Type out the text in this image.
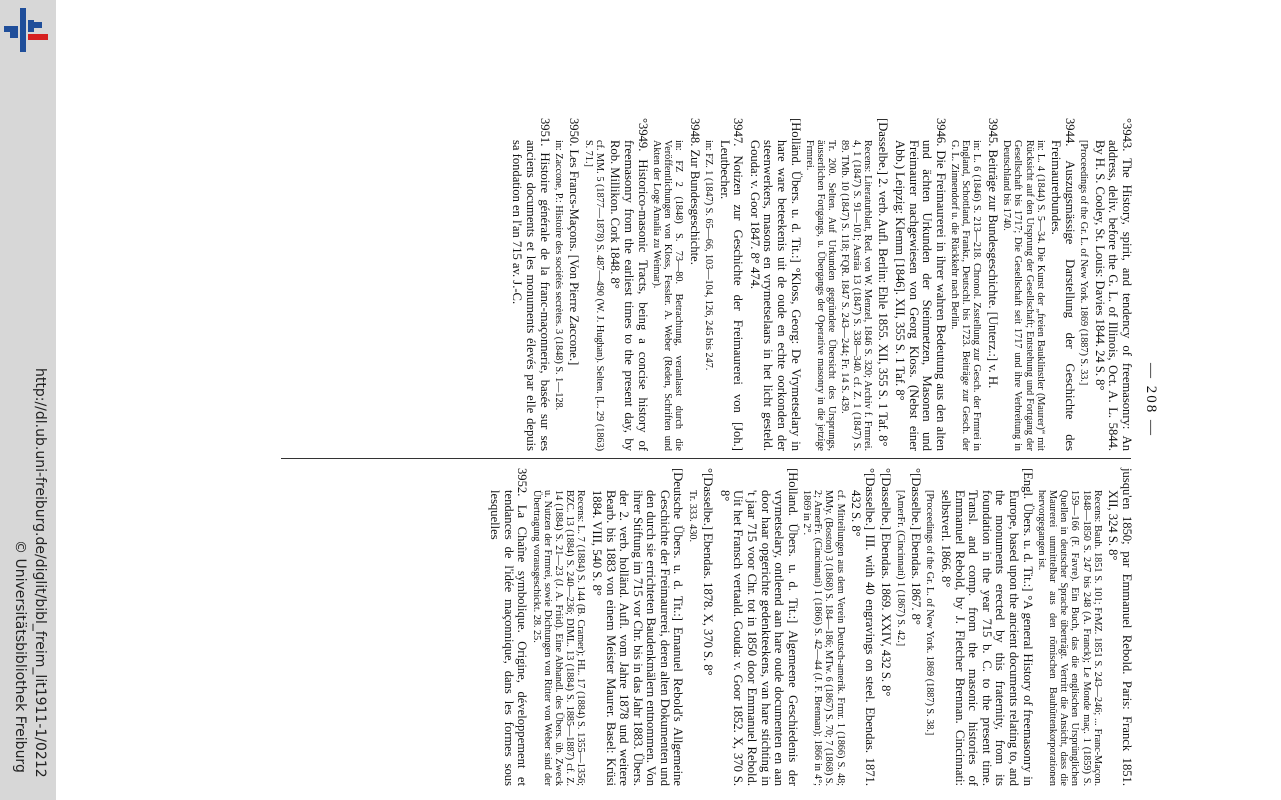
http://dl.ub.uni-freiburg.de/diglit/bibl_freim_lit1911-1/0212
© Universitätsbibliothek Freiburg
— 208 —
°3943. The History, spirit, and tendency of freemasonry: An address, deliv. before the G. L. of Illinois, Oct. A. L. 5844. By H. S. Cooley, St. Louis: Davies 1844. 24 S. 8°
[Proceedings of the Gr. L. of New York. 1869 (1887) S. 33.]
3944. Auszugsmässige Darstellung der Geschichte des Freimaurerbundes.
in: L. 4 (1844) S. 5—34. Die Kunst der „freien Bauklinstler (Maurer)“ mit Rücksicht auf den Ursprung der Gesellschaft; Entstehung und Fortgang der Gesellschaft bis 1717; Die Gesellschaft seit 1717 und ihre Verbreitung in Deutschland bis 1740.
3945. Beiträge zur Bundesgeschichte. [Unterz.:] v. H.
in: L. 6 (1846) S. 213—218. Chronol. Zsstellung zur Gesch. der Frmrei in England, Schottland, Frankr., Deutschl. bis 1723. Beiträge zur Gesch. der G. L. Zinnendorf u. die Rückkehr nach Berlin.
3946. Die Freimaurerei in ihrer wahren Bedeutung aus den alten und ächten Urkunden der Steinmetzen, Masonen und Freimaurer nachgewiesen von Georg Kloss. (Nebst einer Abb.) Leipzig: Klemm [1846]. XII, 355 S. 1 Taf. 8°
[Dasselbe.] 2. verb. Aufl. Berlin: Ehle 1855. XII, 355 S. 1 Taf. 8°
Recens: Literaturblatt, Red. von W. Menzel, 1846 S. 320; Archiv f. Frmrei. 4, 1 (1847) S. 91—101; Asträa 13 (1847) S. 338—340. cf. Z. 1 (1847) S. 89. TMb. 10 (1847) S. 118; FQR. 1847 S. 243—244; Fr. 14 S. 439.
Tr. 200. Selten. Auf Urkunden gegründete Übersicht des Ursprungs, äusserlichen Fortgangs, u. Übergangs der Operative masonry in die jetzige Frmrei.
[Holländ. Übers. u. d. Tit.:] °Kloss, Georg: De Vrymetselary in hare ware beteekenis uit de oude en echte oorkonden der steenwerkers, masons en vrymetselaars in het licht gesteld. Gouda: v. Goor 1847. 8° 474.
3947. Notizen zur Geschichte der Freimaurerei von [Joh.] Leutbecher.
in: FZ. 1 (1847) S. 65—66, 103—104, 126, 245 bis 247.
3948. Zur Bundesgeschichte.
in: FZ 2 (1848) S. 73—80. Betrachtung, veranlasst durch die Veröffentlichungen von Kloss, Fessler. A. Weber (Reden, Schriften und Akten der Loge Amalia zu Weimar).
°3949. Historico-masonic Tracts, being a concise history of freemasonry from the earliest times to the present day, by Rob. Millikon. Cork 1848. 8°
cf. MM. 5 (1877—1878) S. 487—490 (W. J. Hughan). Selten. [L. 29 (1863) S. 71.]
3950. Les Francs-Maçons. [Von Pierre Zaccone.]
in: Zaccone, P.: Histoire des sociétés secrètes. 3 (1848) S. 1—128.
3951. Histoire générale de la franc-maçonnerie, basée sur ses anciens documents et les monuments élevés par elle depuis sa fondation en l'an 715 av. J.-C.
jusqu'en 1850; par Emmanuel Rebold. Paris: Franck 1851. XII, 324 S. 8°
Recens: Bauh. 1851 S. 101; FrMZ. 1851 S. 243—246; ... Franc-Maçon. 1848—1850 S. 247 bis 248 (A. Franck); Le Monde maç. 1 (1859) S. 159—166 (F. Favre). Ein Buch, das die englischen Ursprünglichen Quellen in deutscher Sprache überträgt. Vertritt die Ansicht, dass die Maurerei unmittelbar aus den römischen Bauhüttenkorporationen hervorgegangen ist.
[Engl. Übers. u. d. Tit.:] °A general History of freemasonry in Europe, based upon the ancient documents relating to, and the monuments erected by this fraternity, from its foundation in the year 715 b. C. to the present time. Transl. and comp. from the masonic histories of Emmanuel Rebold, by J. Fletcher Brennan. Cincinnati: selbstverl. 1866. 8°
[Proceedings of the Gr. L. of New York. 1869 (1887) S. 38.]
°[Dasselbe.] Ebendas. 1867. 8°
[AmerFr. (Cincinnati) 1 (1867) S. 42.]
°[Dasselbe.] Ebendas. 1869. XXIV, 432 S. 8°
°[Dasselbe.] III. with 40 engravings on steel. Ebendas. 1871. 432 S. 8°
cf. Mitteilungen aus dem Verein Deutsch-amerik. Frmr. 1 (1866) S. 48; MMy. (Boston) 3 (1868) S. 184—186; MTw. 6 (1867) S. 70; 7 (1868) S. 2; AmerFr. (Cincinnati) 1 (1866) S. 42—44 (J. F. Brennan); 1866 in 4°; 1869 in 2°.
[Holland. Übers. u. d. Tit.:] Algemeene Geschiedenis der vrymetselary, ontleend aan hare oude documenten en aan door haar opgerichte gedenkteekens, van hare stichting in 't jaar 715 voor Chr. tot in 1850 door Emmanuel Rebold. Uit het Fransch vertaald. Gouda: v. Goor 1852. X, 370 S. 8°
°[Dasselbe.] Ebendas. 1878. X, 370 S. 8°
Tr. 333. 430.
[Deutsche Übers. u. d. Tit.:] Emanuel Rebold's Allgemeine Geschichte der Freimaurerei, deren alten Dokumenten und den durch sie errichteten Baudenkmälern entnommen. Von ihrer Stiftung im 715 vor Chr. bis in das Jahr 1883. Übers. der 2. verb. holländ. Aufl. vom Jahre 1878 und weitere Bearb. bis 1883 von einem Meister Maurer. Basel: Krüsi 1884. VIII, 540 S. 8°
Recens: L. 7 (1884) S. 144 (B. Cramer); HL. 17 (1884) S. 1355—1356; BZC. 13 (1884) S. 240—236; DIML. 13 (1884) S. 1885—1887) cf. Z. 14 (1884) S. 21—23 (J. A. Friid). Eine Abhandl. des Übers. üb. Zweck u. Nutzen der Frmrei, sowie Dichtungen von Ritter von Weber sind der Übertragung vorausgeschickt. 28. 25.
3952. La Chaîne symbolique. Origine, développement et tendances de l'idée maçonnique, dans les formes sous lesquelles
